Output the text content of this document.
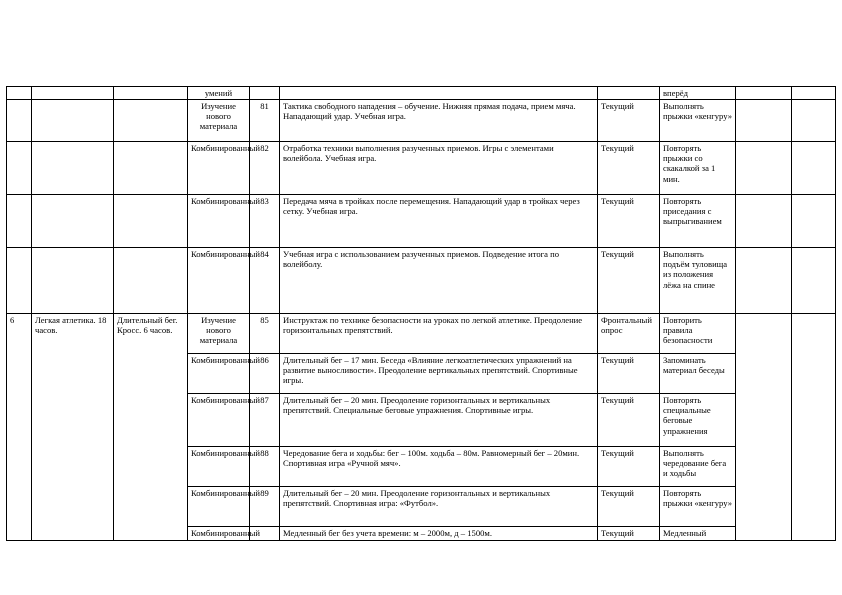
			умений				вперёд		
			Изучение нового материала	81	Тактика свободного нападения – обучение. Нижняя прямая подача, прием мяча. Нападающий удар. Учебная игра.	Текущий	Выполнять прыжки «кенгуру»		
			Комбинированный	82	Отработка техники выполнения разученных приемов. Игры с элементами волейбола. Учебная игра.	Текущий	Повторять прыжки со скакалкой за 1 мин.		
			Комбинированный	83	Передача мяча в тройках после перемещения. Нападающий удар в тройках через сетку. Учебная игра.	Текущий	Повторять приседания с выпрыгиванием		
			Комбинированный	84	Учебная игра с использованием разученных приемов. Подведение итога по волейболу.	Текущий	Выполнять подъём туловища из положения лёжа на спине		
6	Легкая атлетика. 18 часов.	Длительный бег. Кросс. 6 часов.	Изучение нового материала	85	Инструктаж по технике безопасности на уроках по легкой атлетике. Преодоление горизонтальных препятствий.	Фронтальный опрос	Повторить правила безопасности		
			Комбинированный	86	Длительный бег – 17 мин. Беседа «Влияние легкоатлетических упражнений на развитие выносливости». Преодоление вертикальных препятствий. Спортивные игры.	Текущий	Запоминать материал беседы		
			Комбинированный	87	Длительный бег – 20 мин. Преодоление горизонтальных и вертикальных препятствий. Специальные беговые упражнения. Спортивные игры.	Текущий	Повторять специальные беговые упражнения		
			Комбинированный	88	Чередование бега и ходьбы: бег – 100м. ходьба – 80м. Равномерный бег – 20мин. Спортивная игра «Ручной мяч».	Текущий	Выполнять чередование бега и ходьбы		
			Комбинированный	89	Длительный бег – 20 мин. Преодоление горизонтальных и вертикальных препятствий. Спортивная игра: «Футбол».	Текущий	Повторять прыжки «кенгуру»		

			Комбинированный		Медленный бег без учета времени: м – 2000м, д – 1500м.	Текущий	Медленный		
